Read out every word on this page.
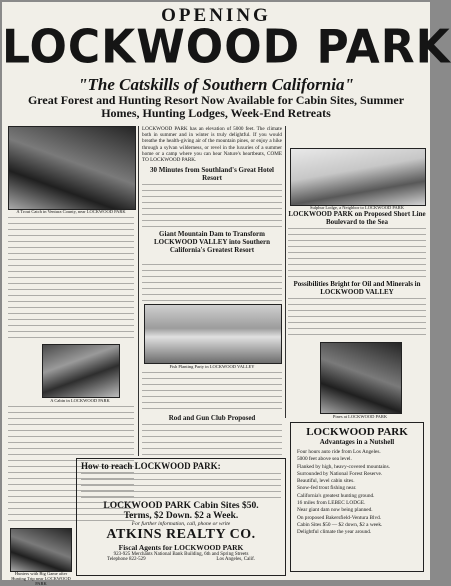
OPENING
LOCKWOOD PARK
"The Catskills of Southern California"
Great Forest and Hunting Resort Now Available for Cabin Sites, Summer Homes, Hunting Lodges, Week-End Retreats
A Trout Catch in Ventura County, near LOCKWOOD PARK
A Cabin in LOCKWOOD PARK
Hunters with Big Game after Hunting Trip near LOCKWOOD PARK
LOCKWOOD PARK has an elevation of 5000 feet. The climate both in summer and in winter is truly delightful. If you would breathe the health-giving air of the mountain pines, or enjoy a hike through a sylvan wilderness, or revel in the luxuries of a summer home or a camp where you can hear Nature's heartbeats, COME TO LOCKWOOD PARK.
30 Minutes from Southland's Great Hotel Resort
Giant Mountain Dam to Transform LOCKWOOD VALLEY into Southern California's Greatest Resort
Fish Planting Party in LOCKWOOD VALLEY
Sulphur Lodge, a Neighbor to LOCKWOOD PARK
LOCKWOOD PARK on Proposed Short Line Boulevard to the Sea
Possibilities Bright for Oil and Minerals in LOCKWOOD VALLEY
Pines at LOCKWOOD PARK
LOCKWOOD PARK
Advantages in a Nutshell
Four hours auto ride from Los Angeles.
5000 feet above sea level.
Flanked by high, heavy-covered mountains.
Surrounded by National Forest Reserve.
Beautiful, level cabin sites.
Snow-fed trout fishing near.
California's greatest hunting ground.
16 miles from LEBEC LODGE.
Near giant dam now being planned.
On proposed Bakersfield-Ventura Blvd.
Cabin Sites $50 — $2 down, $2 a week.
Delightful climate the year around.
Rod and Gun Club Proposed
How to reach LOCKWOOD PARK:
LOCKWOOD PARK Cabin Sites $50.
Terms, $2 Down. $2 a Week.
For further information, call, phone or write
ATKINS REALTY CO.
Fiscal Agents for LOCKWOOD PARK
923-925 Merchants National Bank Building, 6th and Spring Streets
Telephone 822-529	Los Angeles, Calif.
